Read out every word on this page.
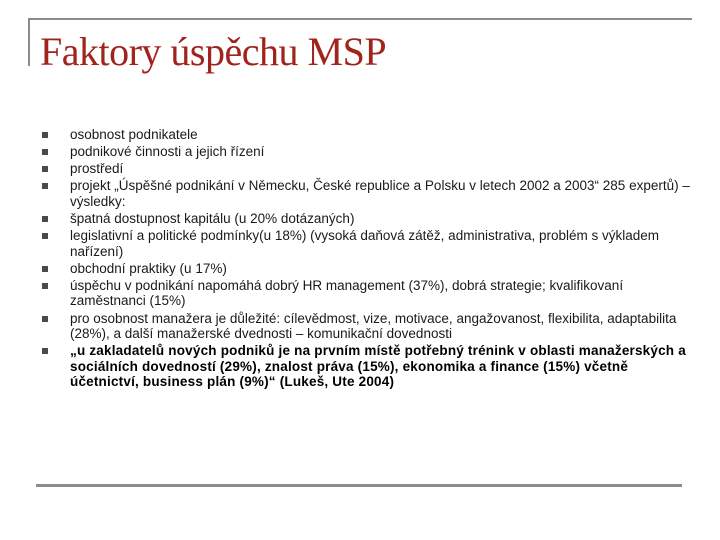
Faktory úspěchu MSP
osobnost podnikatele
podnikové činnosti a jejich řízení
prostředí
projekt „Úspěšné podnikání v Německu, České republice a Polsku v letech 2002 a 2003“ 285 expertů) – výsledky:
špatná dostupnost kapitálu (u 20% dotázaných)
legislativní a politické podmínky(u 18%) (vysoká daňová zátěž, administrativa, problém s výkladem nařízení)
obchodní praktiky (u 17%)
úspěchu v podnikání napomáhá dobrý HR management (37%), dobrá strategie; kvalifikovaní zaměstnanci (15%)
pro osobnost manažera je důležité: cílevědmost, vize, motivace, angažovanost, flexibilita, adaptabilita (28%), a další manažerské dvednosti – komunikační dovednosti
„u zakladatelů nových podniků je na prvním místě potřebný trénink v oblasti manažerských a sociálních dovedností (29%), znalost práva (15%), ekonomika a finance (15%) včetně účetnictví, business plán (9%)“ (Lukeš, Ute 2004)
